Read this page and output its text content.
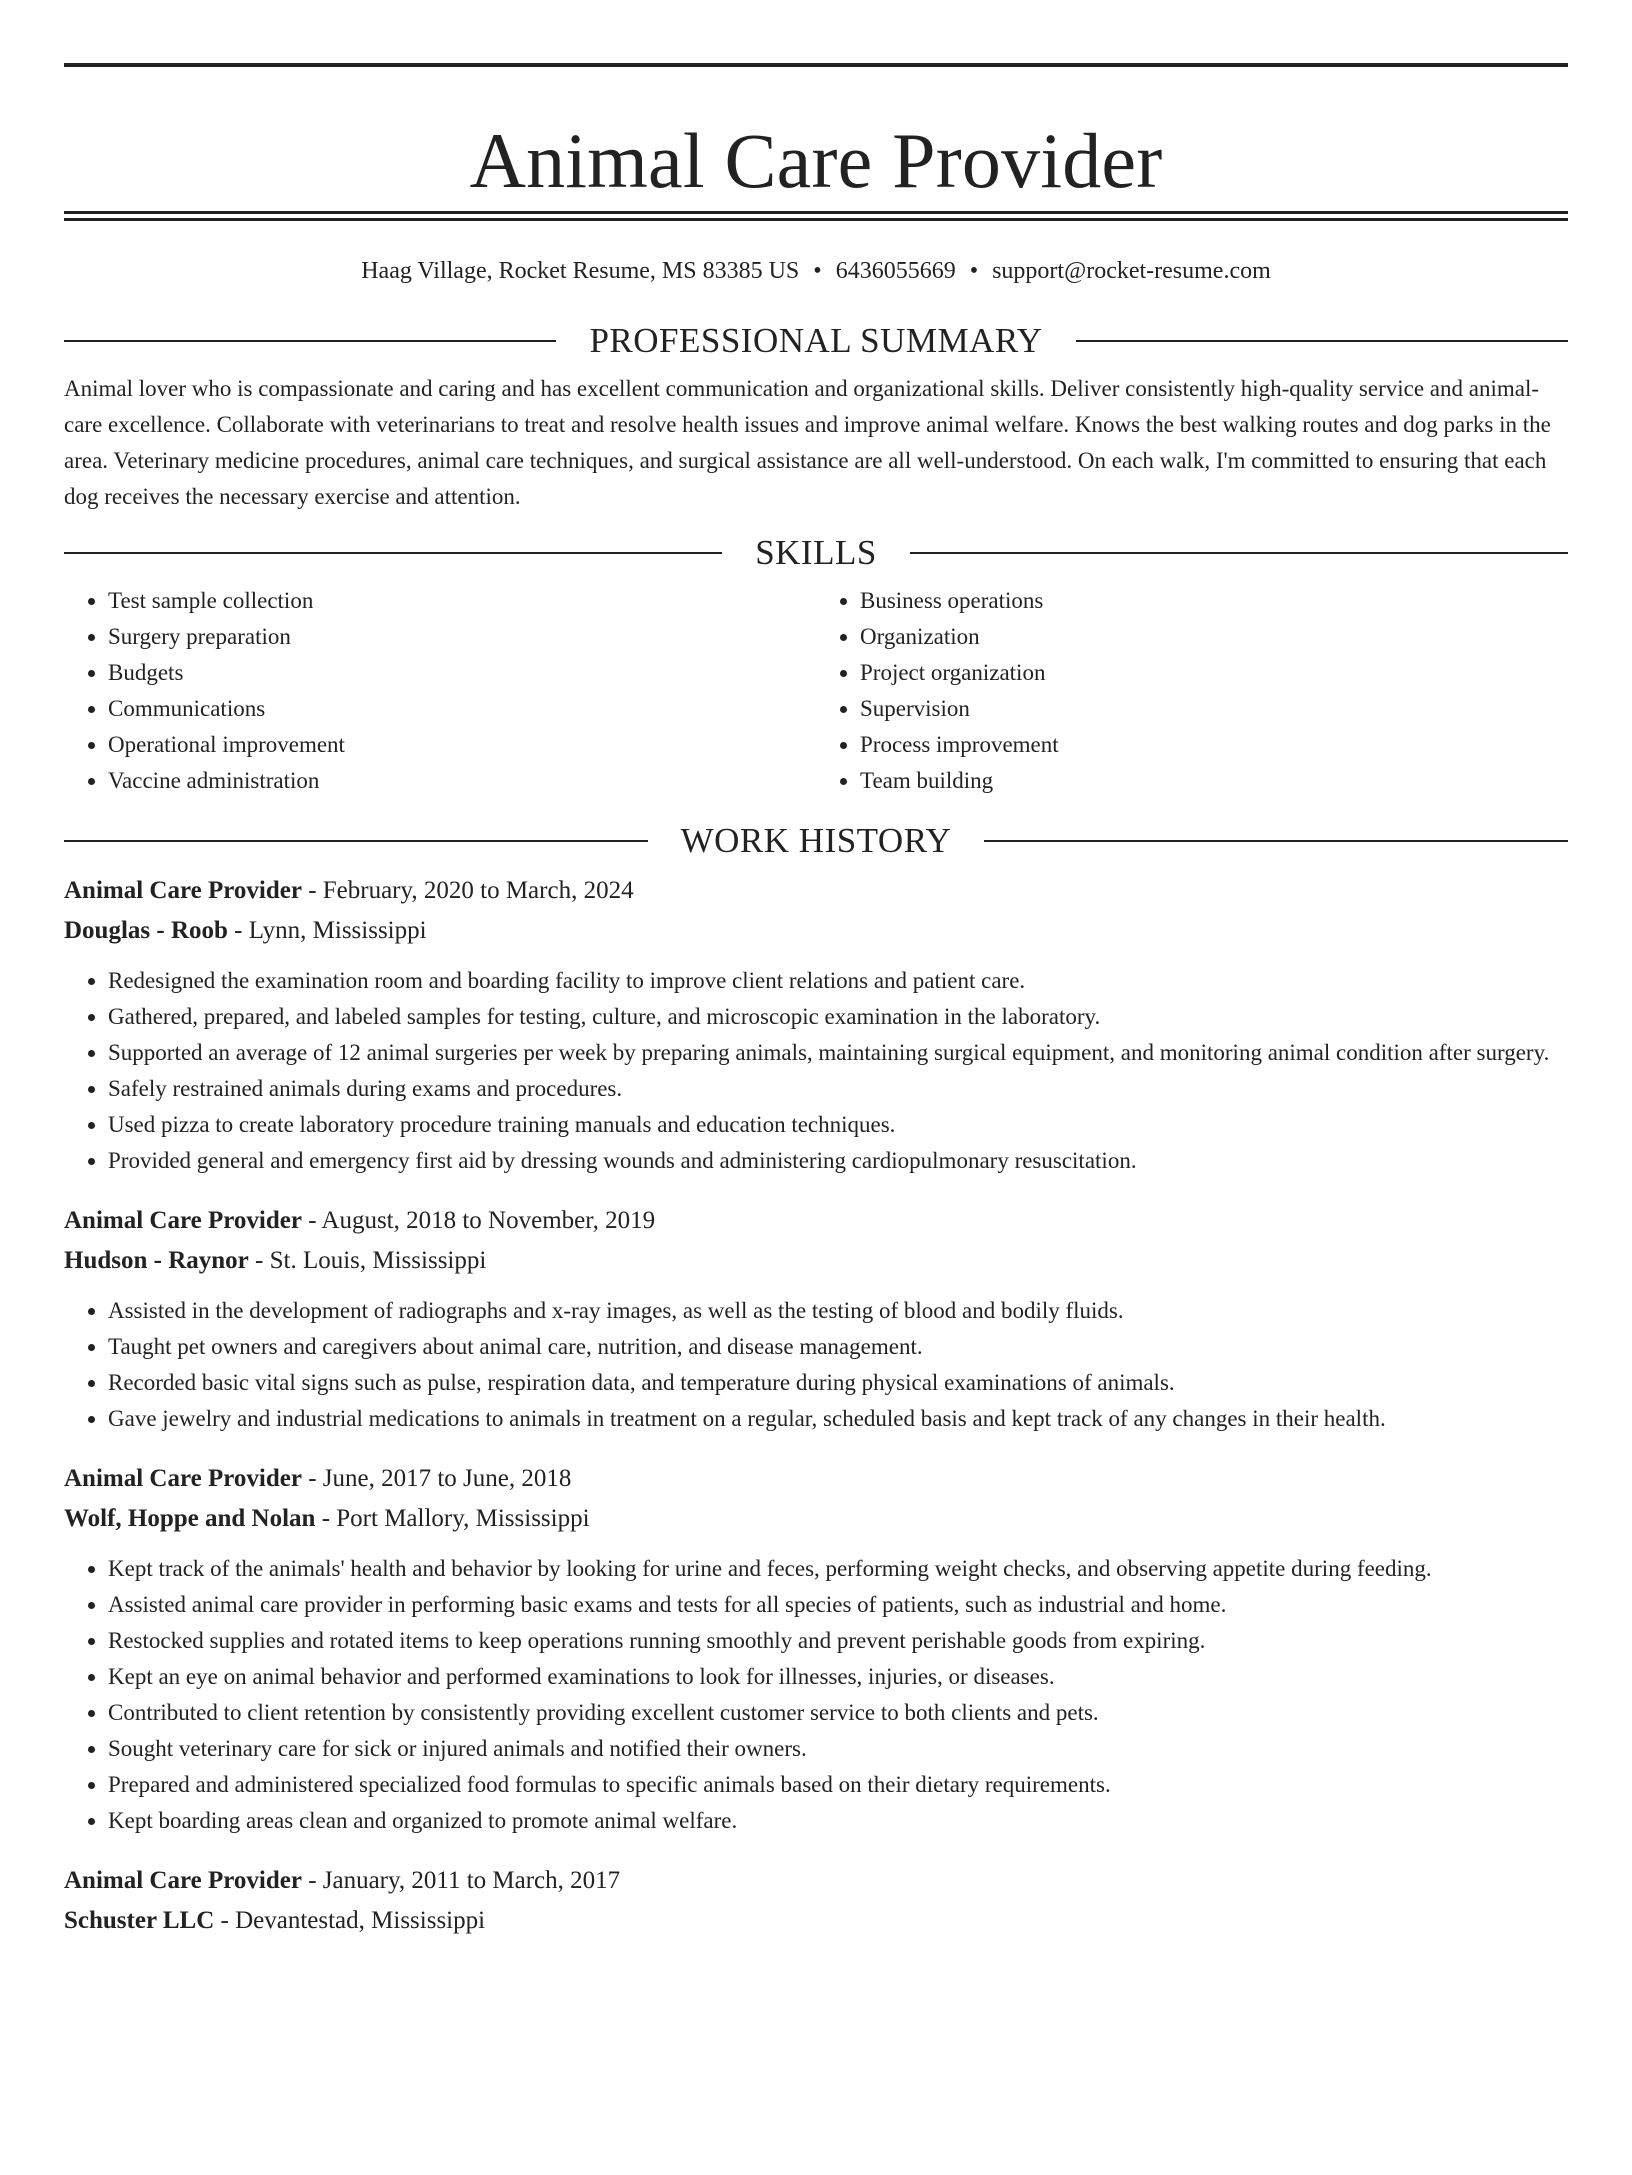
Animal Care Provider
Haag Village, Rocket Resume, MS 83385 US • 6436055669 • support@rocket-resume.com
PROFESSIONAL SUMMARY
Animal lover who is compassionate and caring and has excellent communication and organizational skills. Deliver consistently high-quality service and animal-care excellence. Collaborate with veterinarians to treat and resolve health issues and improve animal welfare. Knows the best walking routes and dog parks in the area. Veterinary medicine procedures, animal care techniques, and surgical assistance are all well-understood. On each walk, I'm committed to ensuring that each dog receives the necessary exercise and attention.
SKILLS
• Test sample collection
• Surgery preparation
• Budgets
• Communications
• Operational improvement
• Vaccine administration
• Business operations
• Organization
• Project organization
• Supervision
• Process improvement
• Team building
WORK HISTORY
Animal Care Provider - February, 2020 to March, 2024
Douglas - Roob - Lynn, Mississippi
• Redesigned the examination room and boarding facility to improve client relations and patient care.
• Gathered, prepared, and labeled samples for testing, culture, and microscopic examination in the laboratory.
• Supported an average of 12 animal surgeries per week by preparing animals, maintaining surgical equipment, and monitoring animal condition after surgery.
• Safely restrained animals during exams and procedures.
• Used pizza to create laboratory procedure training manuals and education techniques.
• Provided general and emergency first aid by dressing wounds and administering cardiopulmonary resuscitation.
Animal Care Provider - August, 2018 to November, 2019
Hudson - Raynor - St. Louis, Mississippi
• Assisted in the development of radiographs and x-ray images, as well as the testing of blood and bodily fluids.
• Taught pet owners and caregivers about animal care, nutrition, and disease management.
• Recorded basic vital signs such as pulse, respiration data, and temperature during physical examinations of animals.
• Gave jewelry and industrial medications to animals in treatment on a regular, scheduled basis and kept track of any changes in their health.
Animal Care Provider - June, 2017 to June, 2018
Wolf, Hoppe and Nolan - Port Mallory, Mississippi
• Kept track of the animals' health and behavior by looking for urine and feces, performing weight checks, and observing appetite during feeding.
• Assisted animal care provider in performing basic exams and tests for all species of patients, such as industrial and home.
• Restocked supplies and rotated items to keep operations running smoothly and prevent perishable goods from expiring.
• Kept an eye on animal behavior and performed examinations to look for illnesses, injuries, or diseases.
• Contributed to client retention by consistently providing excellent customer service to both clients and pets.
• Sought veterinary care for sick or injured animals and notified their owners.
• Prepared and administered specialized food formulas to specific animals based on their dietary requirements.
• Kept boarding areas clean and organized to promote animal welfare.
Animal Care Provider - January, 2011 to March, 2017
Schuster LLC - Devantestad, Mississippi
